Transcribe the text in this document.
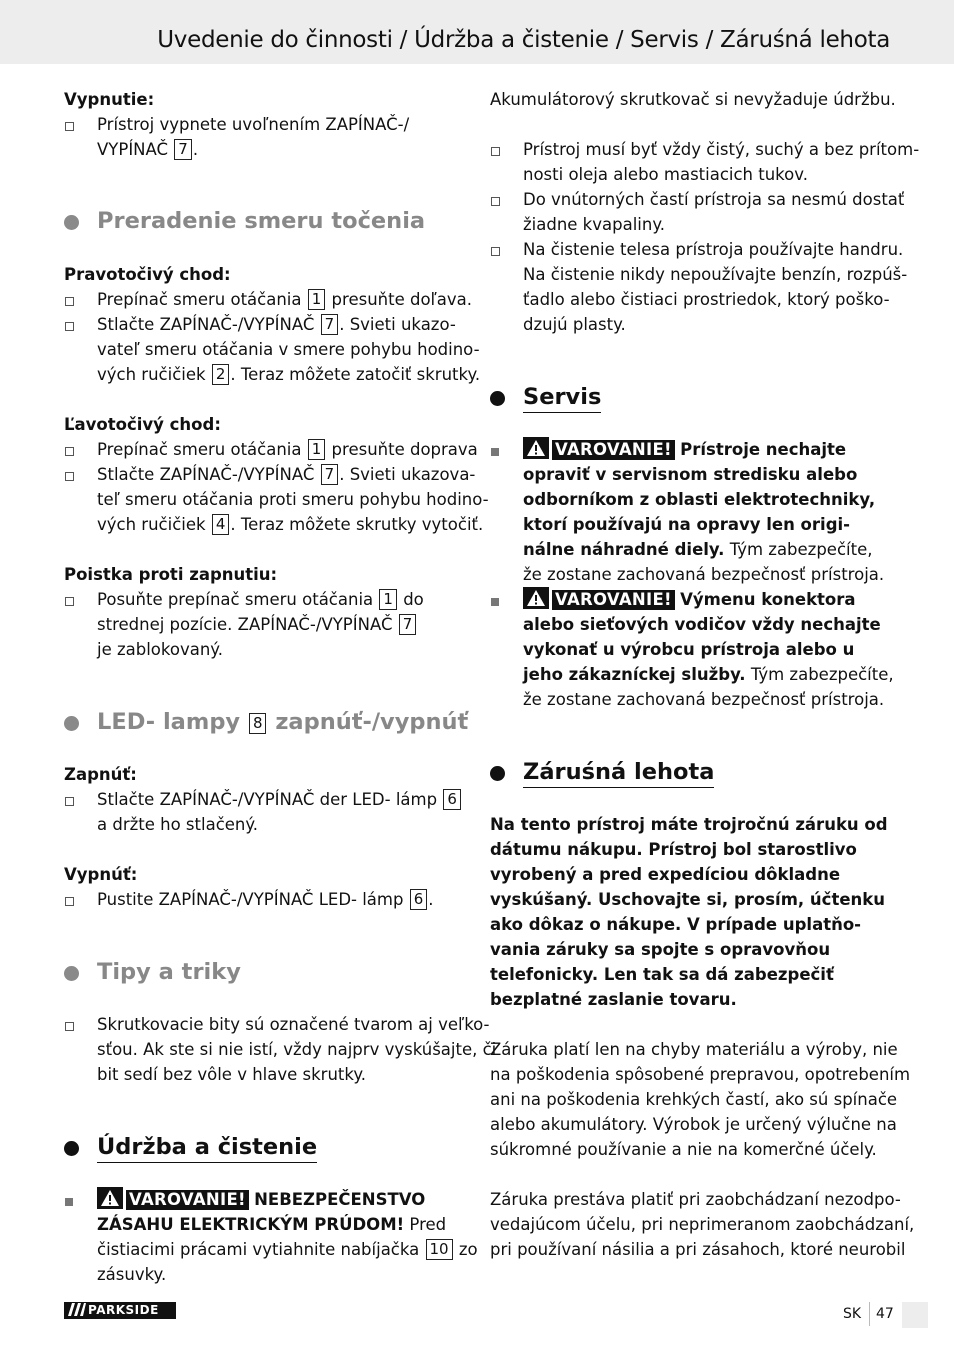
Uvedenie do činnosti / Údržba a čistenie / Servis / Záruśná lehota
Vypnutie:
Prístroj vypnete uvoľnením ZAPÍNAČ-/
VYPÍNAČ 7 .
Preradenie smeru točenia
Pravotočivý chod:
Prepínač smeru otáčania 1 presuňte doľava.
Stlačte ZAPÍNAČ-/VYPÍNAČ 7 . Svieti ukazo-
vateľ smeru otáčania v smere pohybu hodino-
vých ručičiek 2 . Teraz môžete zatočiť skrutky.
Ľavotočivý chod:
Prepínač smeru otáčania 1 presuňte doprava
Stlačte ZAPÍNAČ-/VYPÍNAČ 7 . Svieti ukazova-
teľ smeru otáčania proti smeru pohybu hodino-
vých ručičiek 4 . Teraz môžete skrutky vytočiť.
Poistka proti zapnutiu:
Posuňte prepínač smeru otáčania 1 do
strednej pozície. ZAPÍNAČ-/VYPÍNAČ 7
je zablokovaný.
LED- lampy 8 zapnúť-/vypnúť
Zapnúť:
Stlačte ZAPÍNAČ-/VYPÍNAČ der LED- lámp 6
a držte ho stlačený.
Vypnúť:
Pustite ZAPÍNAČ-/VYPÍNAČ LED- lámp 6 .
Tipy a triky
Skrutkovacie bity sú označené tvarom aj veľko-
sťou. Ak ste si nie istí, vždy najprv vyskúšajte, či
bit sedí bez vôle v hlave skrutky.
Údržba a čistenie
VAROVANIE! NEBEZPEČENSTVO
ZÁSAHU ELEKTRICKÝM PRÚDOM! Pred
čistiacimi prácami vytiahnite nabíjačka 10 zo
zásuvky.
Akumulátorový skrutkovač si nevyžaduje údržbu.
Prístroj musí byť vždy čistý, suchý a bez prítom-
nosti oleja alebo mastiacich tukov.
Do vnútorných častí prístroja sa nesmú dostať
žiadne kvapaliny.
Na čistenie telesa prístroja používajte handru.
Na čistenie nikdy nepoužívajte benzín, rozpúš-
ťadlo alebo čistiaci prostriedok, ktorý poško-
dzujú plasty.
Servis
VAROVANIE! Prístroje nechajte
opraviť v servisnom stredisku alebo
odborníkom z oblasti elektrotechniky,
ktorí používajú na opravy len origi-
nálne náhradné diely. Tým zabezpečíte,
že zostane zachovaná bezpečnosť prístroja.
VAROVANIE! Výmenu konektora
alebo sieťových vodičov vždy nechajte
vykonať u výrobcu prístroja alebo u
jeho zákazníckej služby. Tým zabezpečíte,
že zostane zachovaná bezpečnosť prístroja.
Záruśná lehota
Na tento prístroj máte trojročnú záruku od
dátumu nákupu. Prístroj bol starostlivo
vyrobený a pred expedíciou dôkladne
vyskúšaný. Uschovajte si, prosím, účtenku
ako dôkaz o nákupe. V prípade uplatňo-
vania záruky sa spojte s opravovňou
telefonicky. Len tak sa dá zabezpečiť
bezplatné zaslanie tovaru.
Záruka platí len na chyby materiálu a výroby, nie
na poškodenia spôsobené prepravou, opotrebením
ani na poškodenia krehkých častí, ako sú spínače
alebo akumulátory. Výrobok je určený výlučne na
súkromné používanie a nie na komerčné účely.
Záruka prestáva platiť pri zaobchádzaní nezodpo-
vedajúcom účelu, pri neprimeranom zaobchádzaní,
pri používaní násilia a pri zásahoch, ktoré neurobil
PARKSIDE	SK 47
